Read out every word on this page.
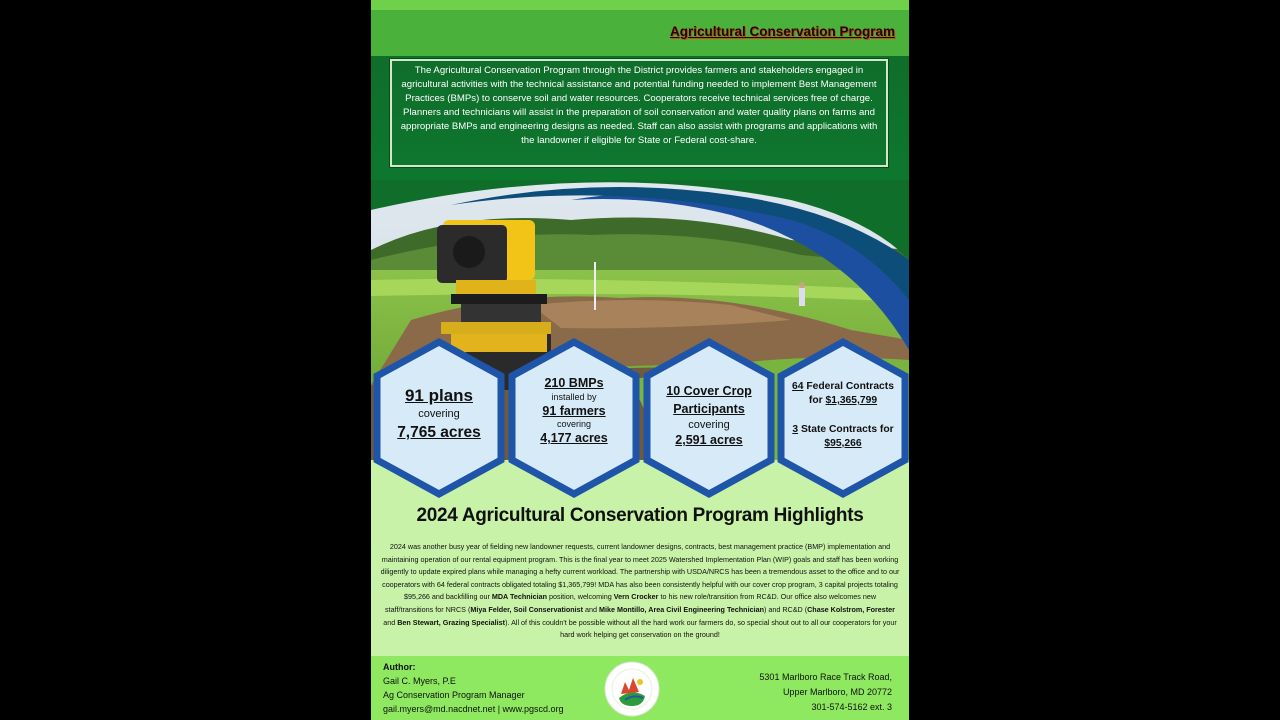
Agricultural Conservation Program
The Agricultural Conservation Program through the District provides farmers and stakeholders engaged in agricultural activities with the technical assistance and potential funding needed to implement Best Management Practices (BMPs) to conserve soil and water resources. Cooperators receive technical services free of charge. Planners and technicians will assist in the preparation of soil conservation and water quality plans on farms and appropriate BMPs and engineering designs as needed. Staff can also assist with programs and applications with the landowner if eligible for State or Federal cost-share.
91 plans
covering
7,765 acres
210 BMPs
installed by
91 farmers
covering
4,177 acres
10 Cover Crop Participants
covering
2,591 acres
64 Federal Contracts
for $1,365,799
3 State Contracts for
$95,266
2024 Agricultural Conservation Program Highlights
2024 was another busy year of fielding new landowner requests, current landowner designs, contracts, best management practice (BMP) implementation and maintaining operation of our rental equipment program. This is the final year to meet 2025 Watershed Implementation Plan (WIP) goals and staff has been working diligently to update expired plans while managing a hefty current workload. The partnership with USDA/NRCS has been a tremendous asset to the office and to our cooperators with 64 federal contracts obligated totaling $1,365,799! MDA has also been consistently helpful with our cover crop program, 3 capital projects totaling $95,266 and backfilling our MDA Technician position, welcoming Vern Crocker to his new role/transition from RC&D. Our office also welcomes new staff/transitions for NRCS (Miya Felder, Soil Conservationist and Mike Montillo, Area Civil Engineering Technician) and RC&D (Chase Kolstrom, Forester and Ben Stewart, Grazing Specialist). All of this couldn't be possible without all the hard work our farmers do, so special shout out to all our cooperators for your hard work helping get conservation on the ground!
Author:
Gail C. Myers, P.E
Ag Conservation Program Manager
gail.myers@md.nacdnet.net | www.pgscd.org
5301 Marlboro Race Track Road,
Upper Marlboro, MD 20772
301-574-5162 ext. 3
